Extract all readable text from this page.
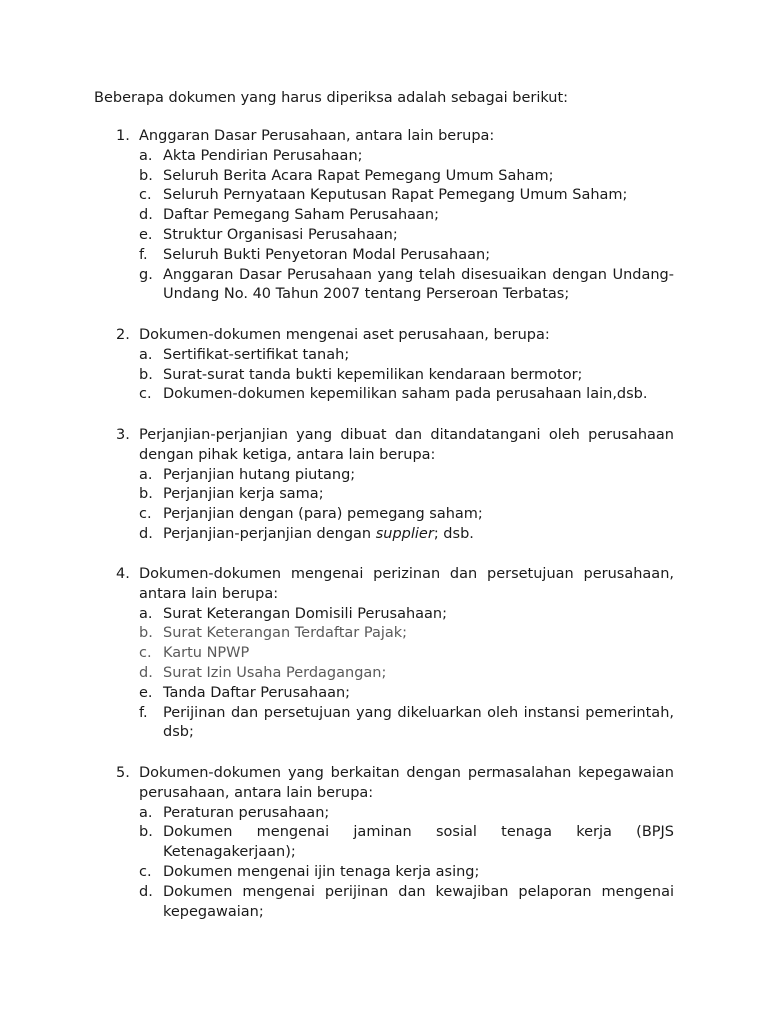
Beberapa dokumen yang harus diperiksa adalah sebagai berikut:
1. Anggaran Dasar Perusahaan, antara lain berupa:
a. Akta Pendirian Perusahaan;
b. Seluruh Berita Acara Rapat Pemegang Umum Saham;
c. Seluruh Pernyataan Keputusan Rapat Pemegang Umum Saham;
d. Daftar Pemegang Saham Perusahaan;
e. Struktur Organisasi Perusahaan;
f. Seluruh Bukti Penyetoran Modal Perusahaan;
g. Anggaran Dasar Perusahaan yang telah disesuaikan dengan Undang-
Undang No. 40 Tahun 2007 tentang Perseroan Terbatas;
2. Dokumen-dokumen mengenai aset perusahaan, berupa:
a. Sertifikat-sertifikat tanah;
b. Surat-surat tanda bukti kepemilikan kendaraan bermotor;
c. Dokumen-dokumen kepemilikan saham pada perusahaan lain,dsb.
3. Perjanjian-perjanjian yang dibuat dan ditandatangani oleh perusahaan
dengan pihak ketiga, antara lain berupa:
a. Perjanjian hutang piutang;
b. Perjanjian kerja sama;
c. Perjanjian dengan (para) pemegang saham;
d. Perjanjian-perjanjian dengan supplier; dsb.
4. Dokumen-dokumen mengenai perizinan dan persetujuan perusahaan,
antara lain berupa:
a. Surat Keterangan Domisili Perusahaan;
b. Surat Keterangan Terdaftar Pajak;
c. Kartu NPWP
d. Surat Izin Usaha Perdagangan;
e. Tanda Daftar Perusahaan;
f. Perijinan dan persetujuan yang dikeluarkan oleh instansi pemerintah,
dsb;
5. Dokumen-dokumen yang berkaitan dengan permasalahan kepegawaian
perusahaan, antara lain berupa:
a. Peraturan perusahaan;
b. Dokumen mengenai jaminan sosial tenaga kerja (BPJS
Ketenagakerjaan);
c. Dokumen mengenai ijin tenaga kerja asing;
d. Dokumen mengenai perijinan dan kewajiban pelaporan mengenai
kepegawaian;
